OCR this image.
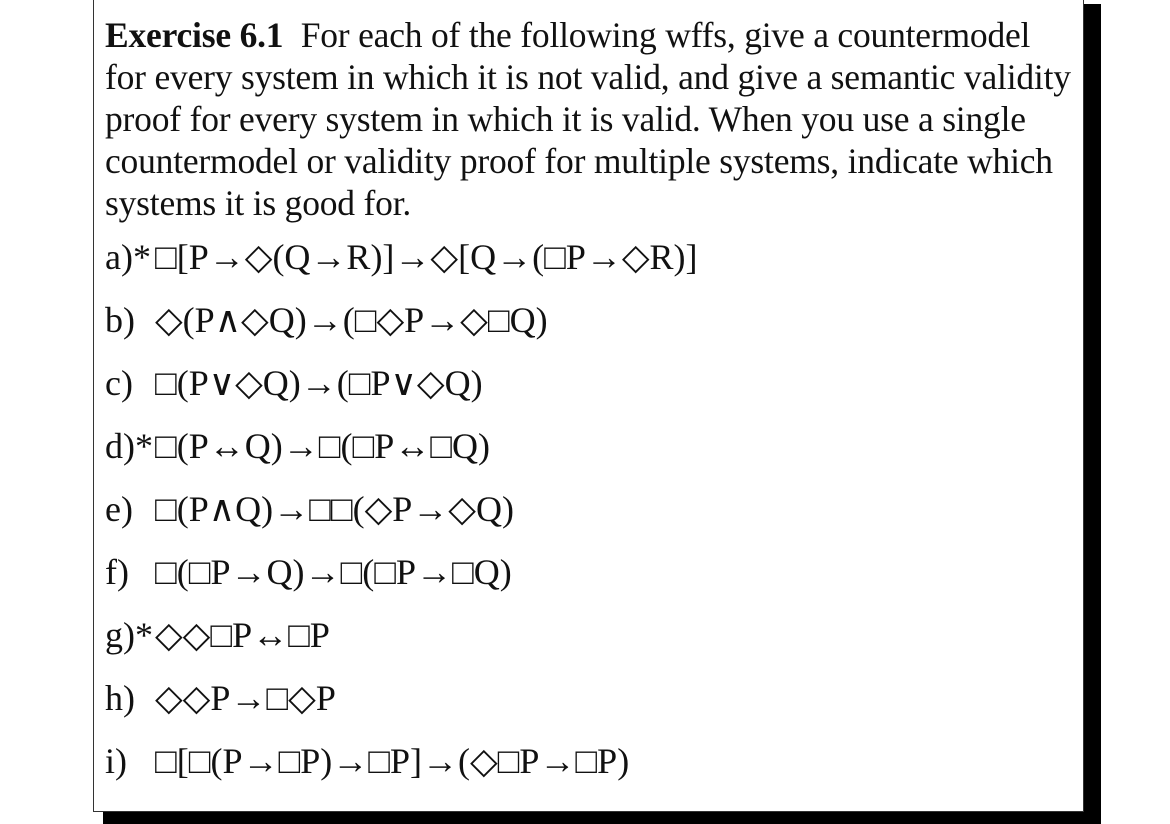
Exercise 6.1 For each of the following wffs, give a countermodel
for every system in which it is not valid, and give a semantic validity
proof for every system in which it is valid. When you use a single
countermodel or validity proof for multiple systems, indicate which
systems it is good for.

a)* □[P→◇(Q→R)]→◇[Q→(□P→◇R)]
b) ◇(P∧◇Q)→(□◇P→◇□Q)
c) □(P∨◇Q)→(□P∨◇Q)
d)* □(P↔Q)→□(□P↔□Q)
e) □(P∧Q)→□□(◇P→◇Q)
f) □(□P→Q)→□(□P→□Q)
g)* ◇◇□P↔□P
h) ◇◇P→□◇P
i) □[□(P→□P)→□P]→(◇□P→□P)
